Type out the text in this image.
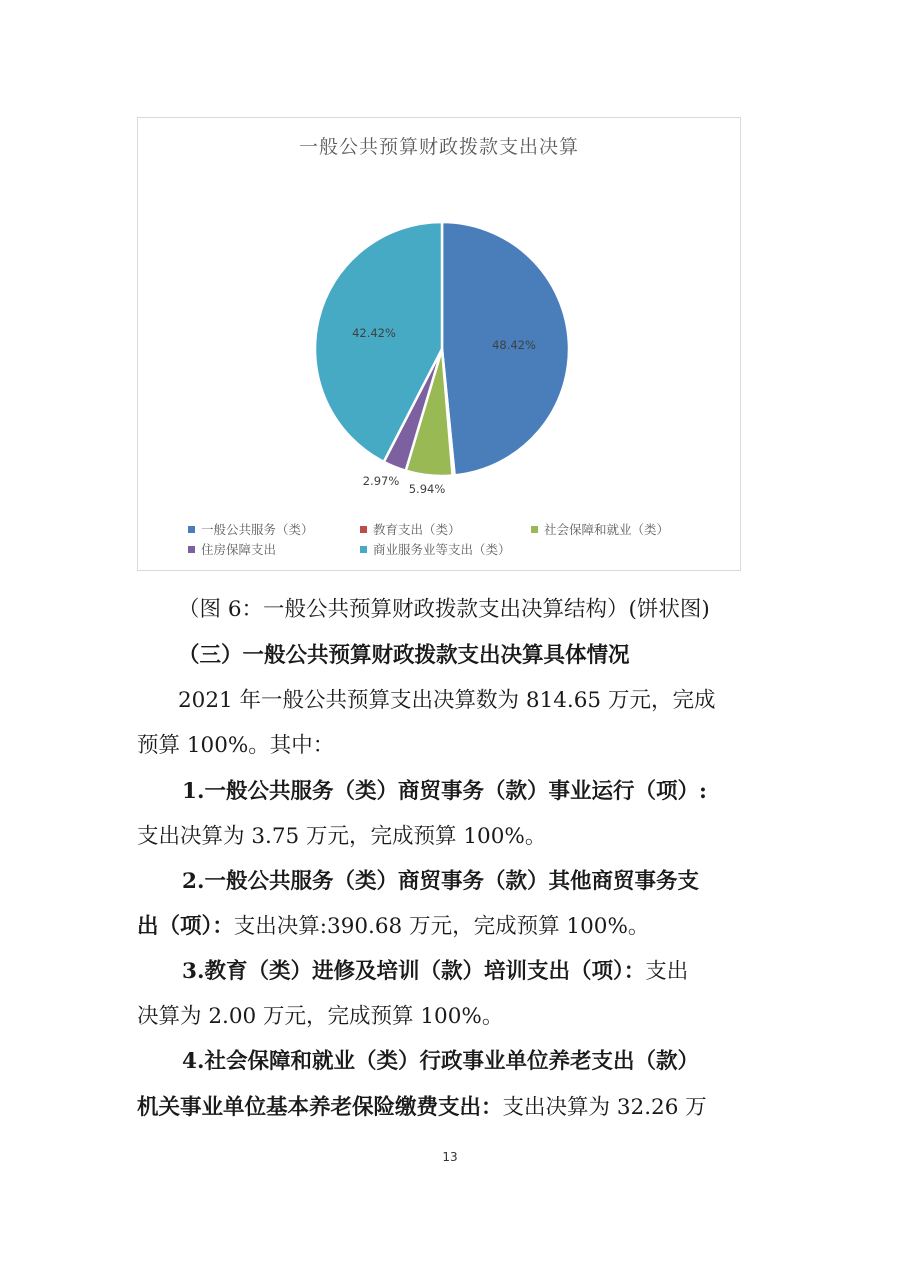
一般公共预算财政拨款支出决算
48.42%
5.94%
2.97%
42.42%
一般公共服务（类）	教育支出（类）	社会保障和就业（类）
住房保障支出	商业服务业等支出（类）
（图 6：一般公共预算财政拨款支出决算结构）(饼状图)
（三）一般公共预算财政拨款支出决算具体情况
2021 年一般公共预算支出决算数为 814.65 万元，完成
预算 100%。其中：
1.一般公共服务（类）商贸事务（款）事业运行（项）:
支出决算为 3.75 万元，完成预算 100%。
2.一般公共服务（类）商贸事务（款）其他商贸事务支
出（项）：支出决算:390.68 万元，完成预算 100%。
3.教育（类）进修及培训（款）培训支出（项）：支出
决算为 2.00 万元，完成预算 100%。
4.社会保障和就业（类）行政事业单位养老支出（款）
机关事业单位基本养老保险缴费支出：支出决算为 32.26 万
13
